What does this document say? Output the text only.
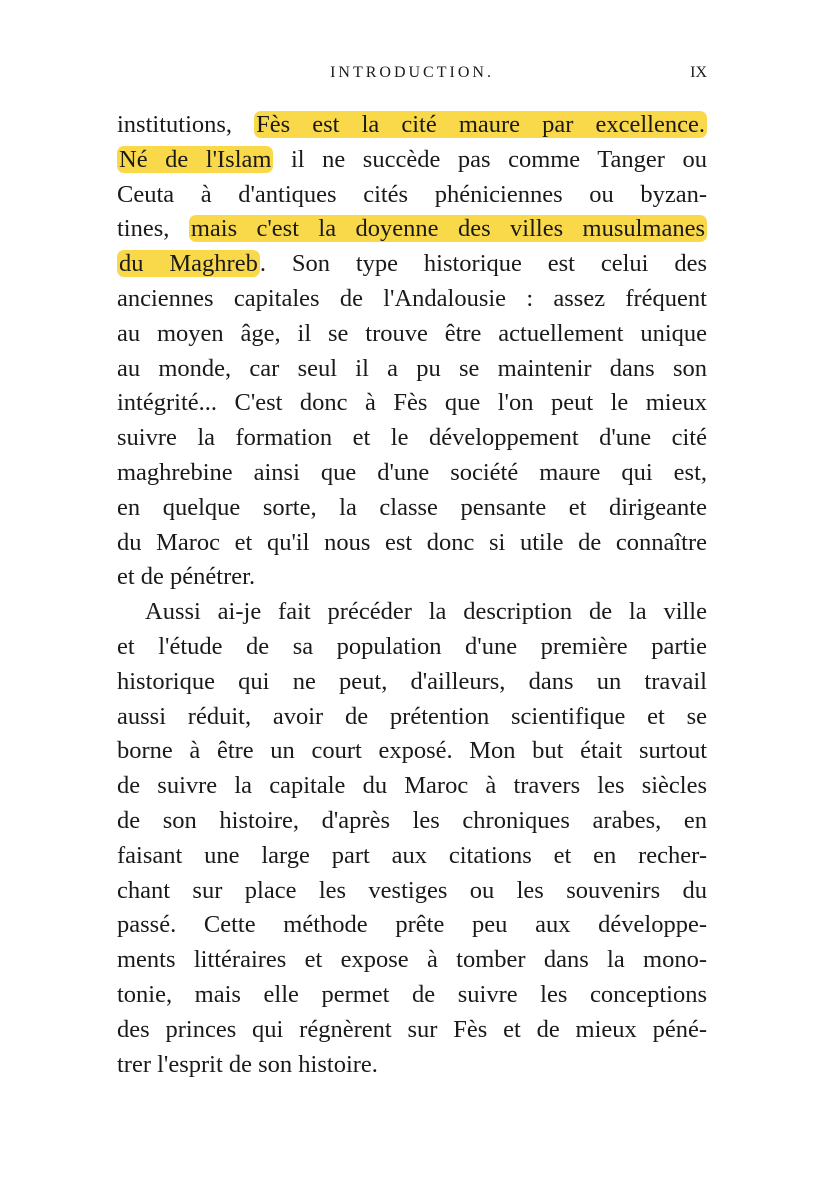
INTRODUCTION.	IX
institutions, Fès est la cité maure par excellence.
Né de l'Islam il ne succède pas comme Tanger ou
Ceuta à d'antiques cités phéniciennes ou byzan-
tines, mais c'est la doyenne des villes musulmanes
du Maghreb. Son type historique est celui des
anciennes capitales de l'Andalousie : assez fréquent
au moyen âge, il se trouve être actuellement unique
au monde, car seul il a pu se maintenir dans son
intégrité... C'est donc à Fès que l'on peut le mieux
suivre la formation et le développement d'une cité
maghrebine ainsi que d'une société maure qui est,
en quelque sorte, la classe pensante et dirigeante
du Maroc et qu'il nous est donc si utile de connaître
et de pénétrer.
Aussi ai-je fait précéder la description de la ville
et l'étude de sa population d'une première partie
historique qui ne peut, d'ailleurs, dans un travail
aussi réduit, avoir de prétention scientifique et se
borne à être un court exposé. Mon but était surtout
de suivre la capitale du Maroc à travers les siècles
de son histoire, d'après les chroniques arabes, en
faisant une large part aux citations et en recher-
chant sur place les vestiges ou les souvenirs du
passé. Cette méthode prête peu aux développe-
ments littéraires et expose à tomber dans la mono-
tonie, mais elle permet de suivre les conceptions
des princes qui régnèrent sur Fès et de mieux péné-
trer l'esprit de son histoire.
